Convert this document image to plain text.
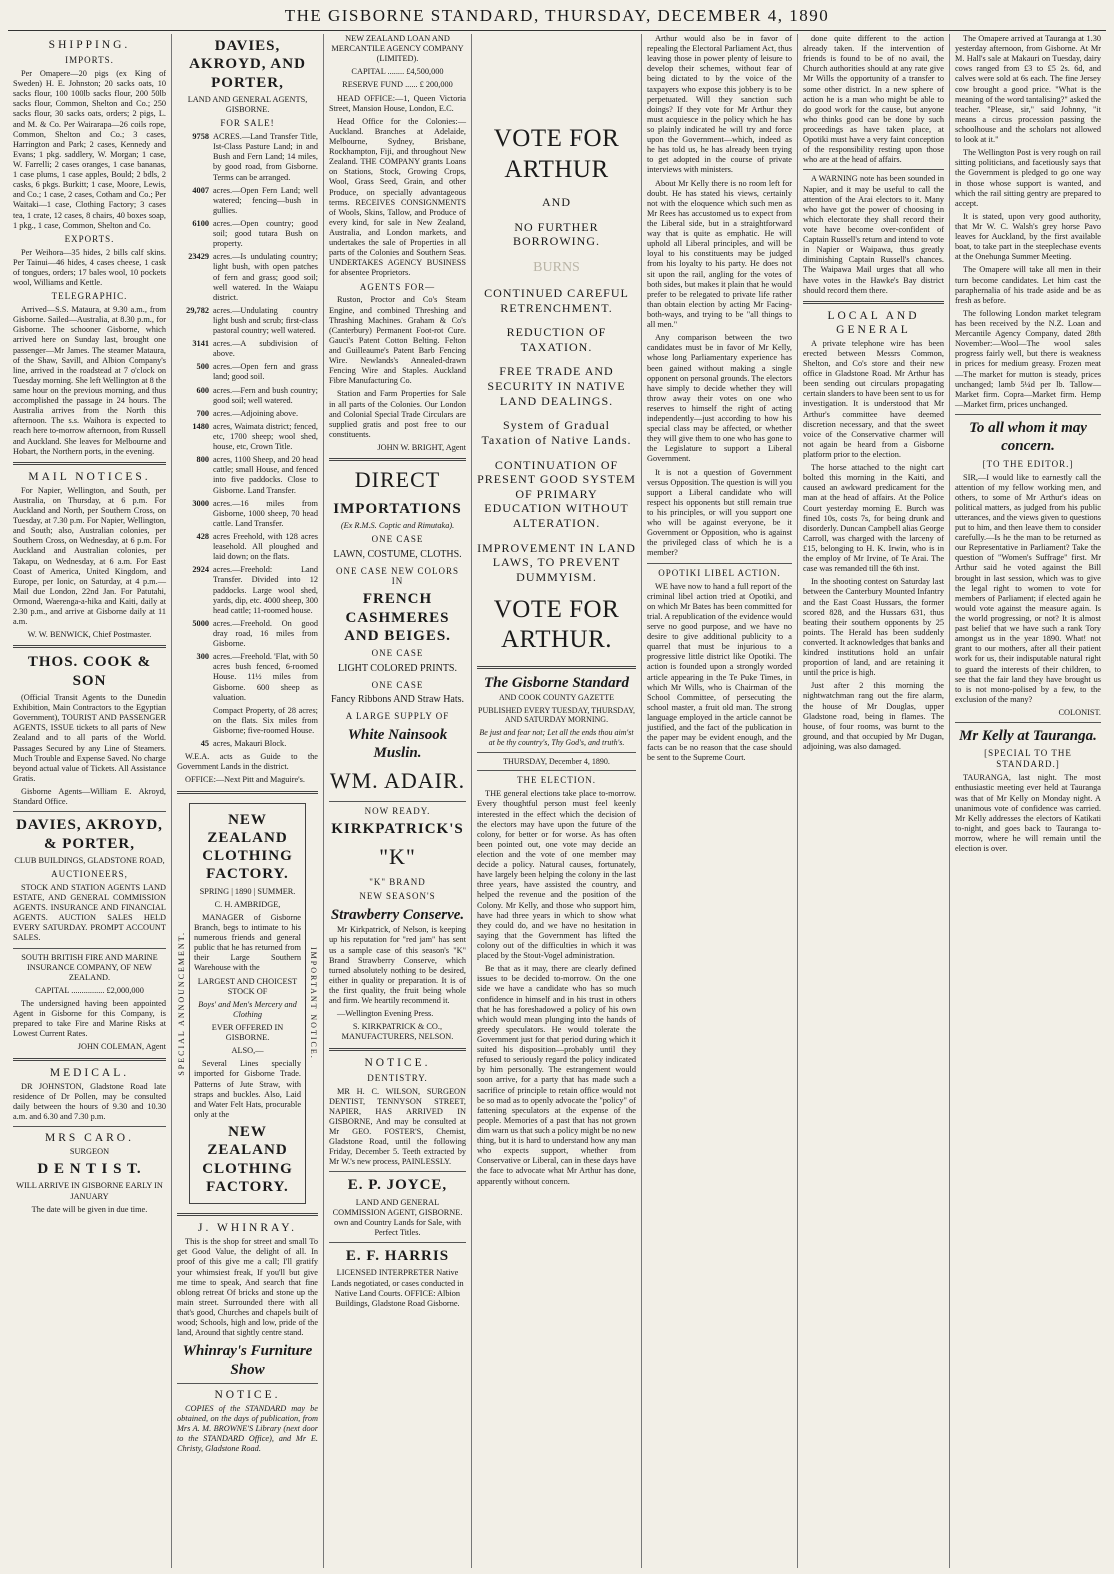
THE GISBORNE STANDARD, THURSDAY, DECEMBER 4, 1890
SHIPPING.
IMPORTS.

Per Omapere—20 pigs (ex King of Sweden) H. E. Johnston; 20 sacks oats, 10 sacks flour, 100 100lb sacks flour, 200 50lb sacks flour, Common, Shelton and Co.; 250 sacks flour, 30 sacks oats, orders; 2 pigs, L. and M. & Co. Per Wairarapa—26 coils rope, Common, Shelton and Co.; 3 cases, Harrington and Park; 2 cases, Kennedy and Evans; 1 pkg. saddlery, W. Morgan; 1 case, W. Farrelli; 2 cases oranges, 1 case bananas, 1 case plums, 1 case apples, Bould; 2 bdls, 2 casks, 6 pkgs. Burkitt; 1 case, Moore, Lewis, and Co.; 1 case, 2 cases, Cotham and Co.; Per Waitaki—1 case, Clothing Factory; 3 cases tea, 1 crate, 12 cases, 8 chairs, 40 boxes soap, 1 pkg., 1 case, Common, Shelton and Co.

EXPORTS.

Per Weihora—35 hides, 2 bills calf skins. Per Tainui—46 hides, 4 cases cheese, 1 cask of tongues, orders; 17 bales wool, 10 pockets wool, Williams and Kettle.

TELEGRAPHIC.

Arrived—S.S. Mataura, at 9.30 a.m., from Gisborne. Sailed—Australia, at 8.30 p.m., for Gisborne. The schooner Gisborne, which arrived here on Sunday last, brought one passenger—Mr James. The steamer Mataura, of the Shaw, Savill, and Albion Company's line, arrived in the roadstead at 7 o'clock on Tuesday morning. She left Wellington at 8 the same hour on the previous morning, and thus accomplished the passage in 24 hours. The Australia arrives from the North this afternoon. The s.s. Waihora is expected to reach here to-morrow afternoon, from Russell and Auckland. She leaves for Melbourne and Hobart, the Northern ports, in the evening.

MAIL NOTICES.

For Napier, Wellington, and South, per Australia, on Thursday, at 6 p.m. For Auckland and North, per Southern Cross, on Tuesday, at 7.30 p.m. For Napier, Wellington, and South; also, Australian colonies, per Southern Cross, on Wednesday, at 6 p.m. For Auckland and Australian colonies, per Takapu, on Wednesday, at 6 a.m. For East Coast of America, United Kingdom, and Europe, per Ionic, on Saturday, at 4 p.m.—Mail due London, 22nd Jan. For Patutahi, Ormond, Waerenga-a-hika and Kaiti, daily at 2.30 p.m., and arrive at Gisborne daily at 11 a.m.

W. W. BENWICK, Chief Postmaster.

THOS. COOK & SON

(Official Transit Agents to the Dunedin Exhibition, Main Contractors to the Egyptian Government), TOURIST AND PASSENGER AGENTS, ISSUE tickets to all parts of New Zealand and to all parts of the World. Passages Secured by any Line of Steamers. Much Trouble and Expense Saved. No charge beyond actual value of Tickets. All Assistance Gratis.

Gisborne Agents—William E. Akroyd, Standard Office.

DAVIES, AKROYD, & PORTER,

CLUB BUILDINGS, GLADSTONE ROAD,

AUCTIONEERS,

STOCK AND STATION AGENTS LAND ESTATE, AND GENERAL COMMISSION AGENTS. INSURANCE AND FINANCIAL AGENTS. AUCTION SALES HELD EVERY SATURDAY. PROMPT ACCOUNT SALES.

SOUTH BRITISH FIRE AND MARINE INSURANCE COMPANY, OF NEW ZEALAND.

CAPITAL ................ £2,000,000

The undersigned having been appointed Agent in Gisborne for this Company, is prepared to take Fire and Marine Risks at Lowest Current Rates.

JOHN COLEMAN, Agent

MEDICAL.

DR JOHNSTON, Gladstone Road late residence of Dr Pollen, may be consulted daily between the hours of 9.30 and 10.30 a.m. and 6.30 and 7.30 p.m.

MRS CARO.

SURGEON

D E N T I S T.

WILL ARRIVE IN GISBORNE EARLY IN JANUARY

The date will be given in due time.

DAVIES, AKROYD, AND PORTER,

LAND AND GENERAL AGENTS, GISBORNE.

FOR SALE!
9758 ACRES.—Land Transfer Title, Ist-Class Pasture Land; in and Bush and Fern Land; 14 miles, by good road, from Gisborne. Terms can be arranged.
4007 acres.—Open Fern Land; well watered; fencing—bush in gullies.
6100 acres.—Open country; good soil; good tutara Bush on property.
23429 acres.—Is undulating country; light bush, with open patches of fern and grass; good soil; well watered. In the Waiapu district.
29,782 acres.—Undulating country light bush and scrub; first-class pastoral country; well watered.
3141 acres.—A subdivision of above.
500 acres.—Open fern and grass land; good soil.
600 acres.—Fern and bush country; good soil; well watered.
700 acres.—Adjoining above.
1480 acres, Waimata district; fenced, etc, 1700 sheep; wool shed, house, etc, Crown Title.
800 acres, 1100 Sheep, and 20 head cattle; small House, and fenced into five paddocks. Close to Gisborne. Land Transfer.
3000 acres.—16 miles from Gisborne, 1000 sheep, 70 head cattle. Land Transfer.
428 acres Freehold, with 128 acres leasehold. All ploughed and laid down; on the flats.
2924 acres.—Freehold: Land Transfer. Divided into 12 paddocks. Large wool shed, yards, dip, etc. 4000 sheep, 300 head cattle; 11-roomed house.
5000 acres.—Freehold. On good dray road, 16 miles from Gisborne.
300 acres.—Freehold. 'Flat, with 50 acres bush fenced, 6-roomed House. 11½ miles from Gisborne. 600 sheep as valuation.
Compact Property, of 28 acres; on the flats. Six miles from Gisborne; five-roomed House.
45 acres, Makauri Block.

W.E.A. acts as Guide to the Government Lands in the district.

OFFICE:—Next Pitt and Maguire's.

SPECIAL ANNOUNCEMENT.
NEW ZEALAND CLOTHING FACTORY.

SPRING | 1890 | SUMMER.

C. H. AMBRIDGE,

MANAGER of Gisborne Branch, begs to intimate to his numerous friends and general public that he has returned from their Large Southern Warehouse with the

LARGEST AND CHOICEST STOCK OF

Boys' and Men's Mercery and Clothing

EVER OFFERED IN GISBORNE.

ALSO,—

Several Lines specially imported for Gisborne Trade. Patterns of Jute Straw, with straps and buckles. Also, Laid and Water Felt Hats, procurable only at the

NEW ZEALAND CLOTHING FACTORY.
IMPORTANT NOTICE.
J. WHINRAY.

This is the shop for street and small To get Good Value, the delight of all. In proof of this give me a call; I'll gratify your whimsiest freak, If you'll but give me time to speak, And search that fine oblong retreat Of bricks and stone up the main street. Surrounded there with all that's good, Churches and chapels built of wood; Schools, high and low, pride of the land, Around that sightly centre stand.

Whinray's Furniture Show
NOTICE.

COPIES of the STANDARD may be obtained, on the days of publication, from Mrs A. M. BROWNE'S Library (next door to the STANDARD Office), and Mr E. Christy, Gladstone Road.

NEW ZEALAND LOAN AND MERCANTILE AGENCY COMPANY (LIMITED).

CAPITAL ........ £4,500,000

RESERVE FUND ...... £ 200,000

HEAD OFFICE:—1, Queen Victoria Street, Mansion House, London, E.C.

Head Office for the Colonies:—Auckland. Branches at Adelaide, Melbourne, Sydney, Brisbane, Rockhampton, Fiji, and throughout New Zealand. THE COMPANY grants Loans on Stations, Stock, Growing Crops, Wool, Grass Seed, Grain, and other Produce, on specially advantageous terms. RECEIVES CONSIGNMENTS of Wools, Skins, Tallow, and Produce of every kind, for sale in New Zealand, Australia, and London markets, and undertakes the sale of Properties in all parts of the Colonies and Southern Seas. UNDERTAKES AGENCY BUSINESS for absentee Proprietors.

AGENTS FOR—

Ruston, Proctor and Co's Steam Engine, and combined Threshing and Thrashing Machines. Graham & Co's (Canterbury) Permanent Foot-rot Cure. Gauci's Patent Cotton Belting. Felton and Guilleaume's Patent Barb Fencing Wire. Newlands's Annealed-drawn Fencing Wire and Staples. Auckland Fibre Manufacturing Co.

Station and Farm Properties for Sale in all parts of the Colonies. Our London and Colonial Special Trade Circulars are supplied gratis and post free to our constituents.

JOHN W. BRIGHT, Agent

DIRECT
IMPORTATIONS

(Ex R.M.S. Coptic and Rimutaka).

ONE CASE
LAWN, COSTUME, CLOTHS.
ONE CASE NEW COLORS IN
FRENCH CASHMERES AND BEIGES.
ONE CASE
LIGHT COLORED PRINTS.
ONE CASE
Fancy Ribbons AND Straw Hats.
A LARGE SUPPLY OF
White Nainsook Muslin.
WM. ADAIR.
NOW READY.
KIRKPATRICK'S
"K"
"K" BRAND
NEW SEASON'S
Strawberry Conserve.

Mr Kirkpatrick, of Nelson, is keeping up his reputation for "red jam" has sent us a sample case of this season's "K" Brand Strawberry Conserve, which turned absolutely nothing to be desired, either in quality or preparation. It is of the first quality, the fruit being whole and firm. We heartily recommend it.

—Wellington Evening Press.

S. KIRKPATRICK & CO., MANUFACTURERS, NELSON.

NOTICE.
DENTISTRY.

MR H. C. WILSON, SURGEON DENTIST, TENNYSON STREET, NAPIER, HAS ARRIVED IN GISBORNE, And may be consulted at Mr GEO. FOSTER'S, Chemist, Gladstone Road, until the following Friday, December 5. Teeth extracted by Mr W.'s new process, PAINLESSLY.

E. P. JOYCE,

LAND AND GENERAL COMMISSION AGENT, GISBORNE. own and Country Lands for Sale, with Perfect Titles.

E. F. HARRIS

LICENSED INTERPRETER Native Lands negotiated, or cases conducted in Native Land Courts. OFFICE: Albion Buildings, Gladstone Road Gisborne.

VOTE FOR ARTHUR
AND
NO FURTHER BORROWING.
BURNS
CONTINUED CAREFUL RETRENCHMENT.
REDUCTION OF TAXATION.
FREE TRADE AND SECURITY IN NATIVE LAND DEALINGS.
System of Gradual Taxation of Native Lands.
CONTINUATION OF PRESENT GOOD SYSTEM OF PRIMARY EDUCATION WITHOUT ALTERATION.
IMPROVEMENT IN LAND LAWS, TO PREVENT DUMMYISM.
VOTE FOR ARTHUR.
The Gisborne Standard

AND COOK COUNTY GAZETTE

PUBLISHED EVERY TUESDAY, THURSDAY, AND SATURDAY MORNING.

Be just and fear not; Let all the ends thou aim'st at be thy country's, Thy God's, and truth's.

THURSDAY, December 4, 1890.

THE ELECTION.

THE general elections take place to-morrow. Every thoughtful person must feel keenly interested in the effect which the decision of the electors may have upon the future of the colony, for better or for worse. As has often been pointed out, one vote may decide an election and the vote of one member may decide a policy. Natural causes, fortunately, have largely been helping the colony in the last three years, have assisted the country, and helped the revenue and the position of the Colony. Mr Kelly, and those who support him, have had three years in which to show what they could do, and we have no hesitation in saying that the Government has lifted the colony out of the difficulties in which it was placed by the Stout-Vogel administration.

Be that as it may, there are clearly defined issues to be decided to-morrow. On the one side we have a candidate who has so much confidence in himself and in his trust in others that he has foreshadowed a policy of his own which would mean plunging into the hands of greedy speculators. He would tolerate the Government just for that period during which it suited his disposition—probably until they refused to seriously regard the policy indicated by him personally. The estrangement would soon arrive, for a party that has made such a sacrifice of principle to retain office would not be so mad as to openly advocate the "policy" of fattening speculators at the expense of the people. Memories of a past that has not grown dim warn us that such a policy might be no new thing, but it is hard to understand how any man who expects support, whether from Conservative or Liberal, can in these days have the face to advocate what Mr Arthur has done, apparently without concern.

Arthur would also be in favor of repealing the Electoral Parliament Act, thus leaving those in power plenty of leisure to develop their schemes, without fear of being dictated to by the voice of the taxpayers who expose this jobbery is to be perpetuated. Will they sanction such doings? If they vote for Mr Arthur they must acquiesce in the policy which he has so plainly indicated he will try and force upon the Government—which, indeed as he has told us, he has already been trying to get adopted in the course of private interviews with ministers.

About Mr Kelly there is no room left for doubt. He has stated his views, certainly not with the eloquence which such men as Mr Rees has accustomed us to expect from the Liberal side, but in a straightforward way that is quite as emphatic. He will uphold all Liberal principles, and will be loyal to his constituents may be judged from his loyalty to his party. He does not sit upon the rail, angling for the votes of both sides, but makes it plain that he would prefer to be relegated to private life rather than obtain election by acting Mr Facing-both-ways, and trying to be "all things to all men."

Any comparison between the two candidates must be in favor of Mr Kelly, whose long Parliamentary experience has been gained without making a single opponent on personal grounds. The electors have simply to decide whether they will throw away their votes on one who reserves to himself the right of acting independently—just according to how his special class may be affected, or whether they will give them to one who has gone to the Legislature to support a Liberal Government.

It is not a question of Government versus Opposition. The question is will you support a Liberal candidate who will respect his opponents but still remain true to his principles, or will you support one who will be against everyone, be it Government or Opposition, who is against the privileged class of which he is a member?

OPOTIKI LIBEL ACTION.

WE have now to hand a full report of the criminal libel action tried at Opotiki, and on which Mr Bates has been committed for trial. A republication of the evidence would serve no good purpose, and we have no desire to give additional publicity to a quarrel that must be injurious to a progressive little district like Opotiki. The action is founded upon a strongly worded article appearing in the Te Puke Times, in which Mr Wills, who is Chairman of the School Committee, of persecuting the school master, a fruit old man. The strong language employed in the article cannot be justified, and the fact of the publication in the paper may be evident enough, and the facts can be no reason that the case should be sent to the Supreme Court.

done quite different to the action already taken. If the intervention of friends is found to be of no avail, the Church authorities should at any rate give Mr Wills the opportunity of a transfer to some other district. In a new sphere of action he is a man who might be able to do good work for the cause, but anyone who thinks good can be done by such proceedings as have taken place, at Opotiki must have a very faint conception of the responsibility resting upon those who are at the head of affairs.

A WARNING note has been sounded in Napier, and it may be useful to call the attention of the Arai electors to it. Many who have got the power of choosing in which electorate they shall record their vote have become over-confident of Captain Russell's return and intend to vote in Napier or Waipawa, thus greatly diminishing Captain Russell's chances. The Waipawa Mail urges that all who have votes in the Hawke's Bay district should record them there.

LOCAL AND GENERAL

A private telephone wire has been erected between Messrs Common, Shelton, and Co's store and their new office in Gladstone Road. Mr Arthur has been sending out circulars propagating certain slanders to have been sent to us for investigation. It is understood that Mr Arthur's committee have deemed discretion necessary, and that the sweet voice of the Conservative charmer will not again be heard from a Gisborne platform prior to the election.

The horse attached to the night cart bolted this morning in the Kaiti, and caused an awkward predicament for the man at the head of affairs. At the Police Court yesterday morning E. Burch was fined 10s, costs 7s, for being drunk and disorderly. Duncan Campbell alias George Carroll, was charged with the larceny of £15, belonging to H. K. Irwin, who is in the employ of Mr Irvine, of Te Arai. The case was remanded till the 6th inst.

In the shooting contest on Saturday last between the Canterbury Mounted Infantry and the East Coast Hussars, the former scored 828, and the Hussars 631, thus beating their southern opponents by 25 points. The Herald has been suddenly converted. It acknowledges that banks and kindred institutions hold an unfair proportion of land, and are retaining it until the price is high.

Just after 2 this morning the nightwatchman rang out the fire alarm, the house of Mr Douglas, upper Gladstone road, being in flames. The house, of four rooms, was burnt to the ground, and that occupied by Mr Dugan, adjoining, was also damaged.

The Omapere arrived at Tauranga at 1.30 yesterday afternoon, from Gisborne. At Mr M. Hall's sale at Makauri on Tuesday, dairy cows ranged from £3 to £5 2s. 6d, and calves were sold at 6s each. The fine Jersey cow brought a good price. "What is the meaning of the word tantalising?" asked the teacher. "Please, sir," said Johnny, "it means a circus procession passing the schoolhouse and the scholars not allowed to look at it."

The Wellington Post is very rough on rail sitting politicians, and facetiously says that the Government is pledged to go one way in those whose support is wanted, and which the rail sitting gentry are prepared to accept.

It is stated, upon very good authority, that Mr W. C. Walsh's grey horse Pavo leaves for Auckland, by the first available boat, to take part in the steeplechase events at the Onehunga Summer Meeting.

The Omapere will take all men in their turn become candidates. Let him cast the paraphernalia of his trade aside and be as fresh as before.

The following London market telegram has been received by the N.Z. Loan and Mercantile Agency Company, dated 28th November:—Wool—The wool sales progress fairly well, but there is weakness in prices for medium greasy. Frozen meat—The market for mutton is steady, prices unchanged; lamb 5¼d per lb. Tallow—Market firm. Copra—Market firm. Hemp—Market firm, prices unchanged.

To all whom it may concern.
[TO THE EDITOR.]

SIR,—I would like to earnestly call the attention of my fellow working men, and others, to some of Mr Arthur's ideas on political matters, as judged from his public utterances, and the views given to questions put to him, and then leave them to consider carefully.—Is he the man to be returned as our Representative in Parliament? Take the question of "Women's Suffrage" first. Mr Arthur said he voted against the Bill brought in last session, which was to give the legal right to women to vote for members of Parliament; if elected again he would vote against the measure again. Is the world progressing, or not? It is almost past belief that we have such a rank Tory amongst us in the year 1890. What! not grant to our mothers, after all their patient work for us, their indisputable natural right to guard the interests of their children, to see that the fair land they have brought us to is not mono-polised by a few, to the exclusion of the many?

COLONIST.

Mr Kelly at Tauranga.
[SPECIAL TO THE STANDARD.]

TAURANGA, last night. The most enthusiastic meeting ever held at Tauranga was that of Mr Kelly on Monday night. A unanimous vote of confidence was carried. Mr Kelly addresses the electors of Katikati to-night, and goes back to Tauranga to-morrow, where he will remain until the election is over.
